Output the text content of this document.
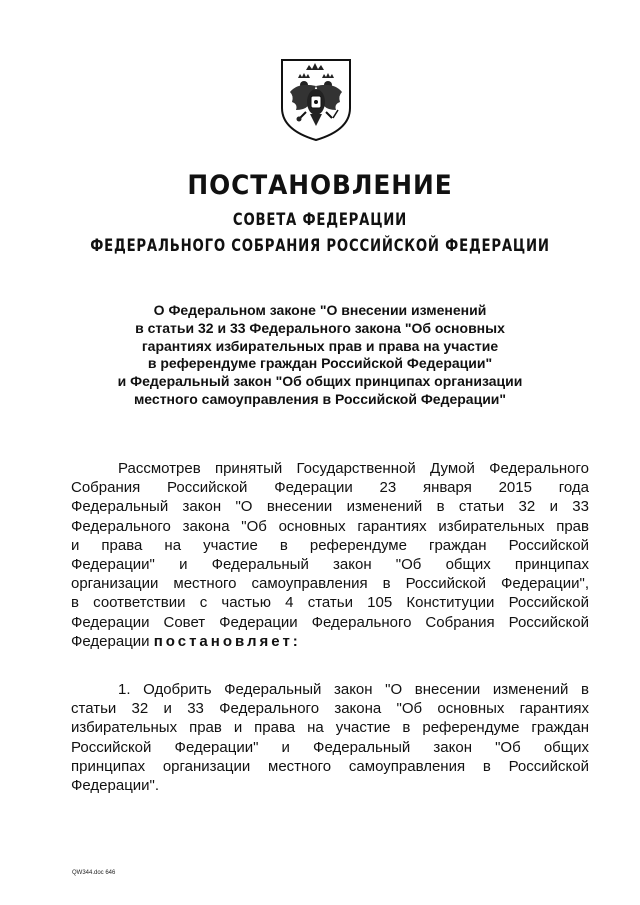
ПОСТАНОВЛЕНИЕ
СОВЕТА ФЕДЕРАЦИИ
ФЕДЕРАЛЬНОГО СОБРАНИЯ РОССИЙСКОЙ ФЕДЕРАЦИИ
О Федеральном законе "О внесении изменений
в статьи 32 и 33 Федерального закона "Об основных
гарантиях избирательных прав и права на участие
в референдуме граждан Российской Федерации"
и Федеральный закон "Об общих принципах организации
местного самоуправления в Российской Федерации"
Рассмотрев принятый Государственной Думой Федерального
Собрания Российской Федерации 23 января 2015 года
Федеральный закон "О внесении изменений в статьи 32 и 33
Федерального закона "Об основных гарантиях избирательных прав
и права на участие в референдуме граждан Российской
Федерации" и Федеральный закон "Об общих принципах
организации местного самоуправления в Российской Федерации",
в соответствии с частью 4 статьи 105 Конституции Российской
Федерации Совет Федерации Федерального Собрания Российской
Федерации постановляет:
1. Одобрить Федеральный закон "О внесении изменений в
статьи 32 и 33 Федерального закона "Об основных гарантиях
избирательных прав и права на участие в референдуме граждан
Российской Федерации" и Федеральный закон "Об общих
принципах организации местного самоуправления в Российской
Федерации".
QW344.doc 646
